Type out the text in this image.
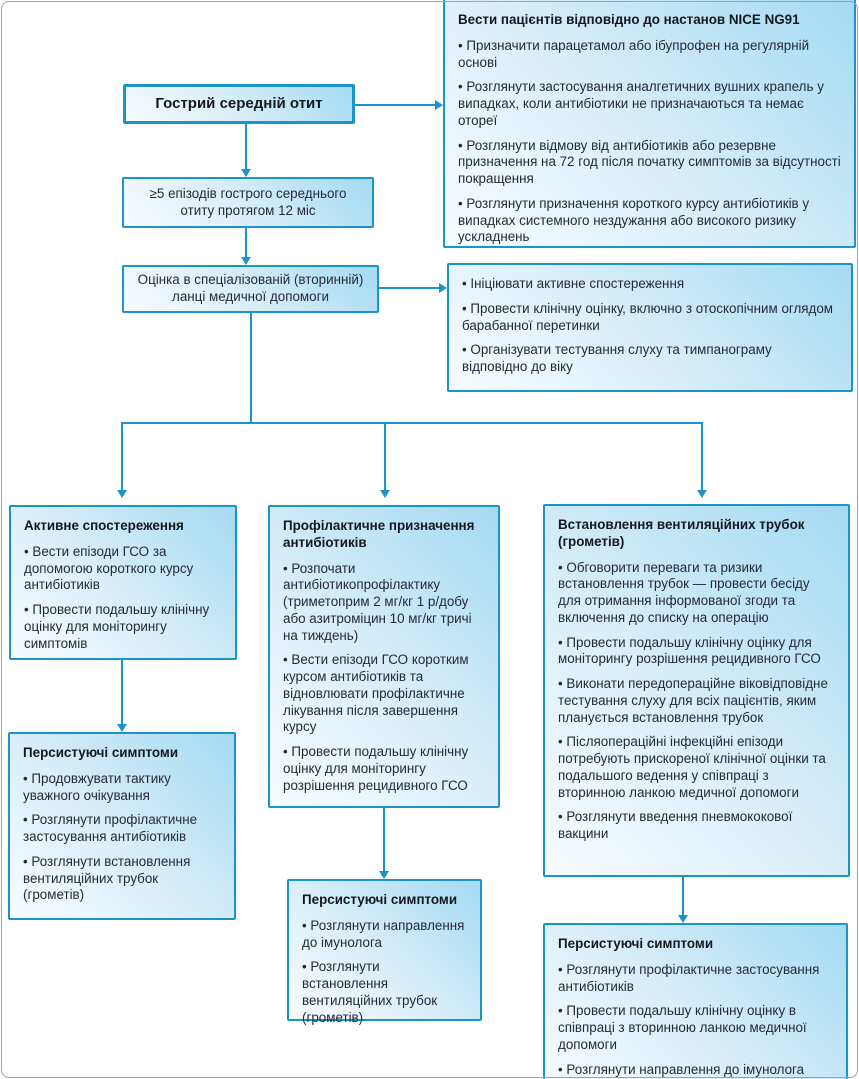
Гострий середній отит

Вести пацієнтів відповідно до настанов NICE NG91

• Призначити парацетамол або ібупрофен на регулярній основі
• Розглянути застосування аналгетичних вушних крапель у випадках, коли антибіотики не призначаються та немає отореї
• Розглянути відмову від антибіотиків або резервне призначення на 72 год після початку симптомів за відсутності покращення
• Розглянути призначення короткого курсу антибіотиків у випадках системного нездужання або високого ризику ускладнень
≥5 епізодів гострого середнього отиту протягом 12 міс
Оцінка в спеціалізованій (вторинній) ланці медичної допомоги
• Ініціювати активне спостереження
• Провести клінічну оцінку, включно з отоскопічним оглядом барабанної перетинки
• Організувати тестування слуху та тимпанограму відповідно до віку

Активне спостереження

• Вести епізоди ГСО за допомогою короткого курсу антибіотиків
• Провести подальшу клінічну оцінку для моніторингу симптомів

Профілактичне призначення антибіотиків

• Розпочати антибіотикопрофілактику (триметоприм 2 мг/кг 1 р/добу або азитроміцин 10 мг/кг тричі на тиждень)
• Вести епізоди ГСО коротким курсом антибіотиків та відновлювати профілактичне лікування після завершення курсу
• Провести подальшу клінічну оцінку для моніторингу розрішення рецидивного ГСО

Встановлення вентиляційних трубок (грометів)

• Обговорити переваги та ризики встановлення трубок — провести бесіду для отримання інформованої згоди та включення до списку на операцію
• Провести подальшу клінічну оцінку для моніторингу розрішення рецидивного ГСО
• Виконати передопераційне віковідповідне тестування слуху для всіх пацієнтів, яким планується встановлення трубок
• Післяопераційні інфекційні епізоди потребують прискореної клінічної оцінки та подальшого ведення у співпраці з вторинною ланкою медичної допомоги
• Розглянути введення пневмококової вакцини

Персистуючі симптоми

• Продовжувати тактику уважного очікування
• Розглянути профілактичне застосування антибіотиків
• Розглянути встановлення вентиляційних трубок (грометів)	Персистуючі симптоми

• Розглянути направлення до імунолога
• Розглянути встановлення вентиляційних трубок (грометів)

Персистуючі симптоми

• Розглянути профілактичне застосування антибіотиків
• Провести подальшу клінічну оцінку в співпраці з вторинною ланкою медичної допомоги
• Розглянути направлення до імунолога
